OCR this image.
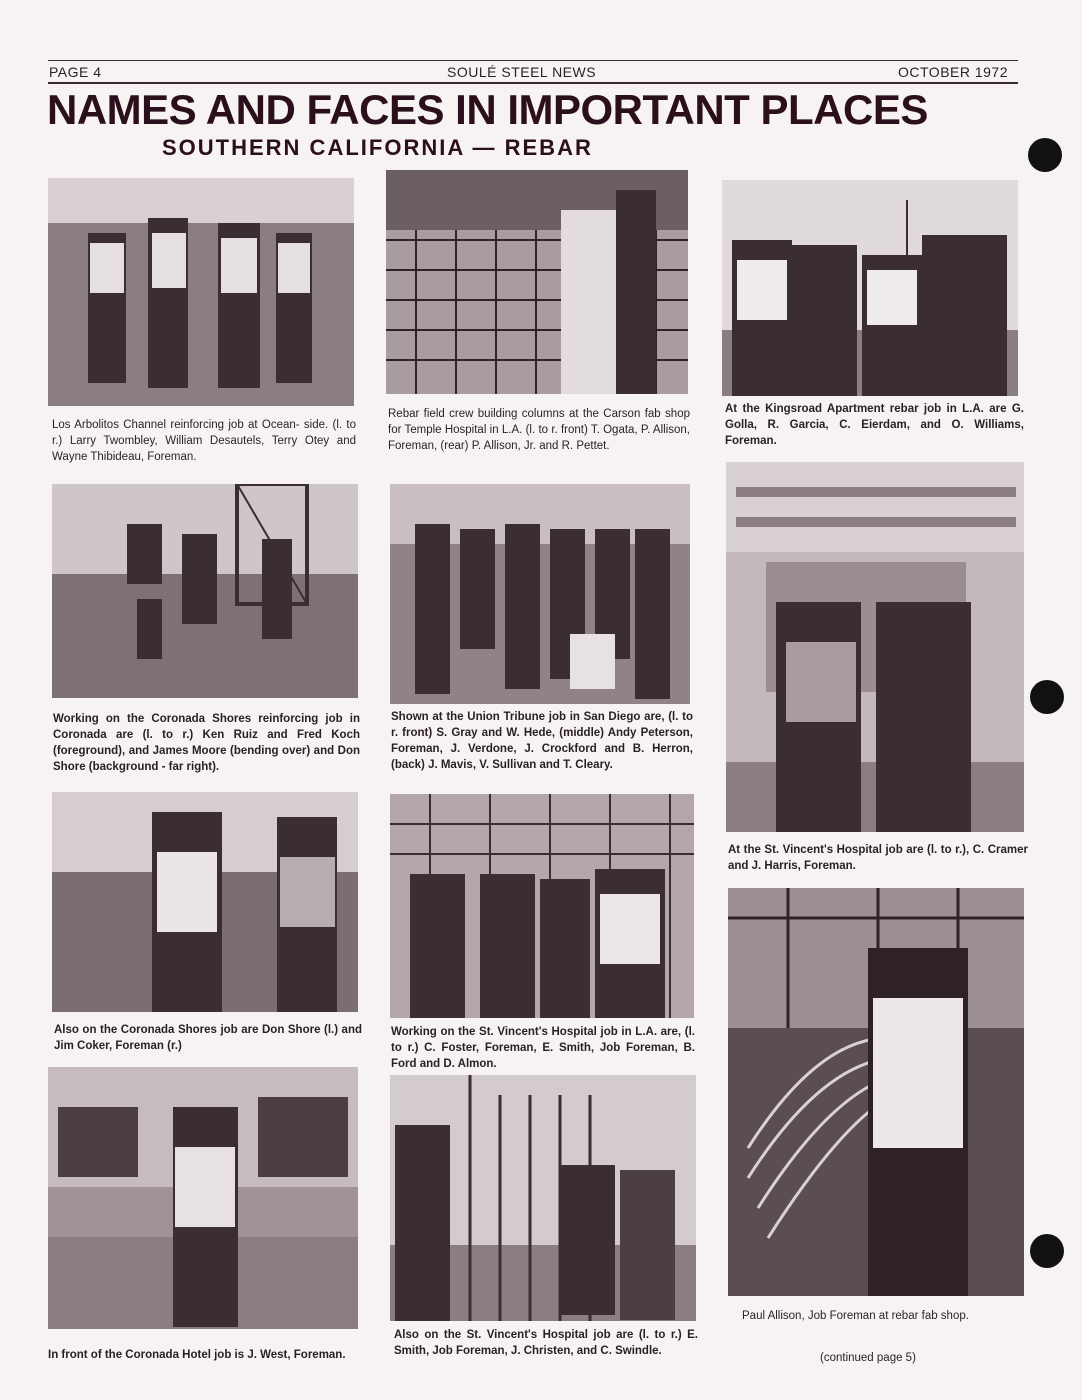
PAGE 4	SOULÉ STEEL NEWS	OCTOBER 1972
NAMES AND FACES IN IMPORTANT PLACES
SOUTHERN CALIFORNIA — REBAR
Los Arbolitos Channel reinforcing job at Ocean- side. (l. to r.) Larry Twombley, William Desautels, Terry Otey and Wayne Thibideau, Foreman.
Working on the Coronada Shores reinforcing job in Coronada are (l. to r.) Ken Ruiz and Fred Koch (foreground), and James Moore (bending over) and Don Shore (background - far right).
Also on the Coronada Shores job are Don Shore (l.) and Jim Coker, Foreman (r.)
In front of the Coronada Hotel job is J. West, Foreman.
Rebar field crew building columns at the Carson fab shop for Temple Hospital in L.A. (l. to r. front) T. Ogata, P. Allison, Foreman, (rear) P. Allison, Jr. and R. Pettet.
Shown at the Union Tribune job in San Diego are, (l. to r. front) S. Gray and W. Hede, (middle) Andy Peterson, Foreman, J. Verdone, J. Crockford and B. Herron, (back) J. Mavis, V. Sullivan and T. Cleary.
Working on the St. Vincent's Hospital job in L.A. are, (l. to r.) C. Foster, Foreman, E. Smith, Job Foreman, B. Ford and D. Almon.
Also on the St. Vincent's Hospital job are (l. to r.) E. Smith, Job Foreman, J. Christen, and C. Swindle.
At the Kingsroad Apartment rebar job in L.A. are G. Golla, R. Garcia, C. Eierdam, and O. Williams, Foreman.
At the St. Vincent's Hospital job are (l. to r.), C. Cramer and J. Harris, Foreman.
Paul Allison, Job Foreman at rebar fab shop.
(continued page 5)
